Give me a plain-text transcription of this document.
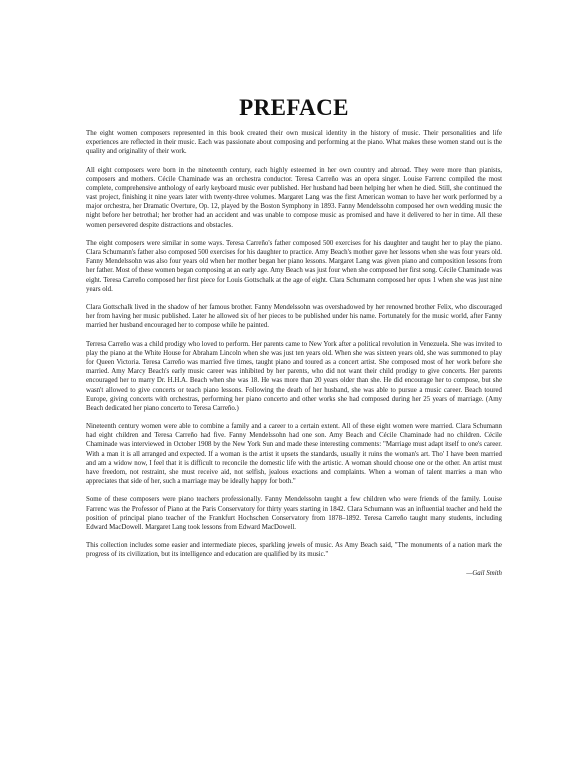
PREFACE

The eight women composers represented in this book created their own musical identity in the history of music. Their personalities and life experiences are reflected in their music. Each was passionate about composing and performing at the piano. What makes these women stand out is the quality and originality of their work.

All eight composers were born in the nineteenth century, each highly esteemed in her own country and abroad. They were more than pianists, composers and mothers. Cécile Chaminade was an orchestra conductor. Teresa Carreño was an opera singer. Louise Farrenc compiled the most complete, comprehensive anthology of early keyboard music ever published. Her husband had been helping her when he died. Still, she continued the vast project, finishing it nine years later with twenty-three volumes. Margaret Lang was the first American woman to have her work performed by a major orchestra, her Dramatic Overture, Op. 12, played by the Boston Symphony in 1893. Fanny Mendelssohn composed her own wedding music the night before her betrothal; her brother had an accident and was unable to compose music as promised and have it delivered to her in time. All these women persevered despite distractions and obstacles.

The eight composers were similar in some ways. Teresa Carreño's father composed 500 exercises for his daughter and taught her to play the piano. Clara Schumann's father also composed 500 exercises for his daughter to practice. Amy Beach's mother gave her lessons when she was four years old. Fanny Mendelssohn was also four years old when her mother began her piano lessons. Margaret Lang was given piano and composition lessons from her father. Most of these women began composing at an early age. Amy Beach was just four when she composed her first song. Cécile Chaminade was eight. Teresa Carreño composed her first piece for Louis Gottschalk at the age of eight. Clara Schumann composed her opus 1 when she was just nine years old.

Clara Gottschalk lived in the shadow of her famous brother. Fanny Mendelssohn was overshadowed by her renowned brother Felix, who discouraged her from having her music published. Later he allowed six of her pieces to be published under his name. Fortunately for the music world, after Fanny married her husband encouraged her to compose while he painted.

Terresa Carreño was a child prodigy who loved to perform. Her parents came to New York after a political revolution in Venezuela. She was invited to play the piano at the White House for Abraham Lincoln when she was just ten years old. When she was sixteen years old, she was summoned to play for Queen Victoria. Teresa Carreño was married five times, taught piano and toured as a concert artist. She composed most of her work before she married. Amy Marcy Beach's early music career was inhibited by her parents, who did not want their child prodigy to give concerts. Her parents encouraged her to marry Dr. H.H.A. Beach when she was 18. He was more than 20 years older than she. He did encourage her to compose, but she wasn't allowed to give concerts or teach piano lessons. Following the death of her husband, she was able to pursue a music career. Beach toured Europe, giving concerts with orchestras, performing her piano concerto and other works she had composed during her 25 years of marriage. (Amy Beach dedicated her piano concerto to Teresa Carreño.)

Nineteenth century women were able to combine a family and a career to a certain extent. All of these eight women were married. Clara Schumann had eight children and Teresa Carreño had five. Fanny Mendelssohn had one son. Amy Beach and Cécile Chaminade had no children. Cécile Chaminade was interviewed in October 1908 by the New York Sun and made these interesting comments: "Marriage must adapt itself to one's career. With a man it is all arranged and expected. If a woman is the artist it upsets the standards, usually it ruins the woman's art. Tho' I have been married and am a widow now, I feel that it is difficult to reconcile the domestic life with the artistic. A woman should choose one or the other. An artist must have freedom, not restraint, she must receive aid, not selfish, jealous exactions and complaints. When a woman of talent marries a man who appreciates that side of her, such a marriage may be ideally happy for both."

Some of these composers were piano teachers professionally. Fanny Mendelssohn taught a few children who were friends of the family. Louise Farrenc was the Professor of Piano at the Paris Conservatory for thirty years starting in 1842. Clara Schumann was an influential teacher and held the position of principal piano teacher of the Frankfurt Hochschen Conservatory from 1878–1892. Teresa Carreño taught many students, including Edward MacDowell. Margaret Lang took lessons from Edward MacDowell.

This collection includes some easier and intermediate pieces, sparkling jewels of music. As Amy Beach said, "The monuments of a nation mark the progress of its civilization, but its intelligence and education are qualified by its music."

—Gail Smith
